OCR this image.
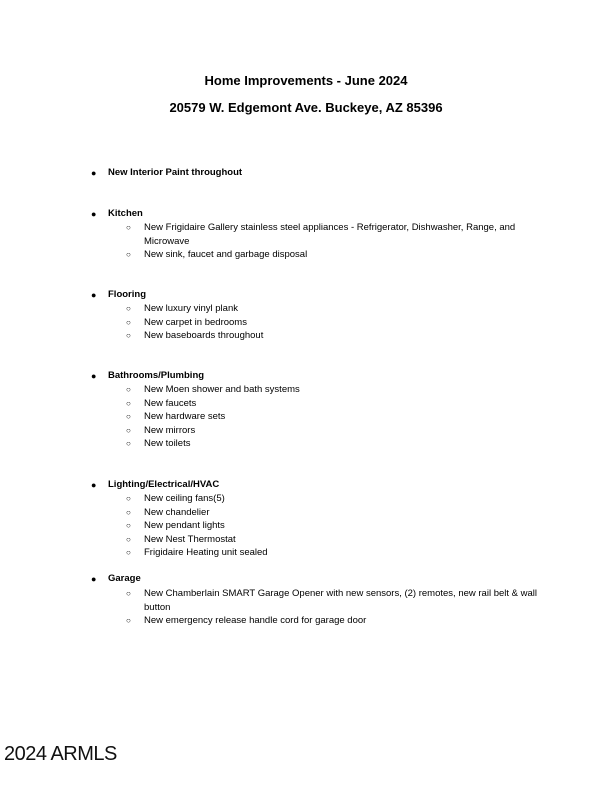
Home Improvements - June 2024
20579 W. Edgemont Ave. Buckeye, AZ 85396
● New Interior Paint throughout
● Kitchen
○ New Frigidaire Gallery stainless steel appliances - Refrigerator, Dishwasher, Range, and Microwave
○ New sink, faucet and garbage disposal
● Flooring
○ New luxury vinyl plank
○ New carpet in bedrooms
○ New baseboards throughout
● Bathrooms/Plumbing
○ New Moen shower and bath systems
○ New faucets
○ New hardware sets
○ New mirrors
○ New toilets
● Lighting/Electrical/HVAC
○ New ceiling fans(5)
○ New chandelier
○ New pendant lights
○ New Nest Thermostat
○ Frigidaire Heating unit sealed
● Garage
○ New Chamberlain SMART Garage Opener with new sensors, (2) remotes, new rail belt & wall button
○ New emergency release handle cord for garage door
2024 ARMLS
